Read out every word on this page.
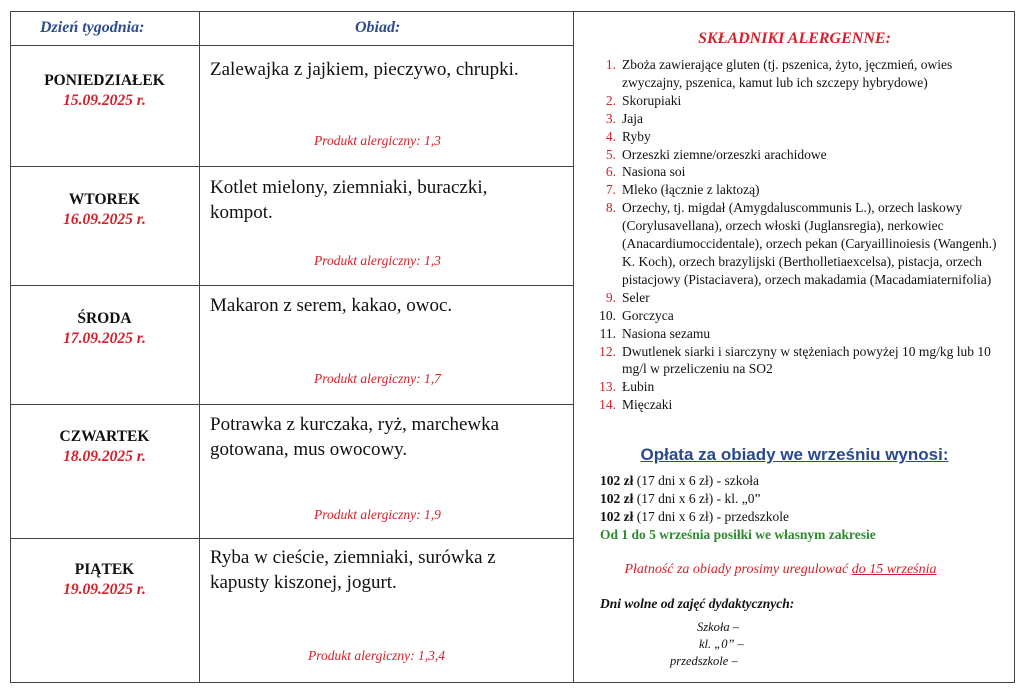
Dzień tygodnia:	Obiad:
PONIEDZIAŁEK
15.09.2025 r.
Zalewajka z jajkiem, pieczywo, chrupki.
Produkt alergiczny: 1,3
WTOREK
16.09.2025 r.
Kotlet mielony, ziemniaki, buraczki, kompot.
Produkt alergiczny: 1,3
ŚRODA
17.09.2025 r.
Makaron z serem, kakao, owoc.
Produkt alergiczny: 1,7
CZWARTEK
18.09.2025 r.
Potrawka z kurczaka, ryż, marchewka gotowana, mus owocowy.
Produkt alergiczny: 1,9
PIĄTEK
19.09.2025 r.
Ryba w cieście, ziemniaki, surówka z kapusty kiszonej, jogurt.
Produkt alergiczny: 1,3,4
SKŁADNIKI ALERGENNE:
1. Zboża zawierające gluten (tj. pszenica, żyto, jęczmień, owies zwyczajny, pszenica, kamut lub ich szczepy hybrydowe)
2. Skorupiaki
3. Jaja
4. Ryby
5. Orzeszki ziemne/orzeszki arachidowe
6. Nasiona soi
7. Mleko (łącznie z laktozą)
8. Orzechy, tj. migdał (Amygdaluscommunis L.), orzech laskowy (Corylusavellana), orzech włoski (Juglansregia), nerkowiec (Anacardiumoccidentale), orzech pekan (Caryaillinoiesis (Wangenh.) K. Koch), orzech brazylijski (Bertholletiaexcelsa), pistacja, orzech pistacjowy (Pistaciavera), orzech makadamia (Macadamiaternifolia)
9. Seler
10. Gorczyca
11. Nasiona sezamu
12. Dwutlenek siarki i siarczyny w stężeniach powyżej 10 mg/kg lub 10 mg/l w przeliczeniu na SO2
13. Łubin
14. Mięczaki
Opłata za obiady we wrześniu wynosi:
102 zł (17 dni x 6 zł) - szkoła
102 zł (17 dni x 6 zł) - kl. „0”
102 zł (17 dni x 6 zł) - przedszkole
Od 1 do 5 września posiłki we własnym zakresie
Płatność za obiady prosimy uregulować do 15 września
Dni wolne od zajęć dydaktycznych:
Szkoła –
kl. „0” –
przedszkole –
